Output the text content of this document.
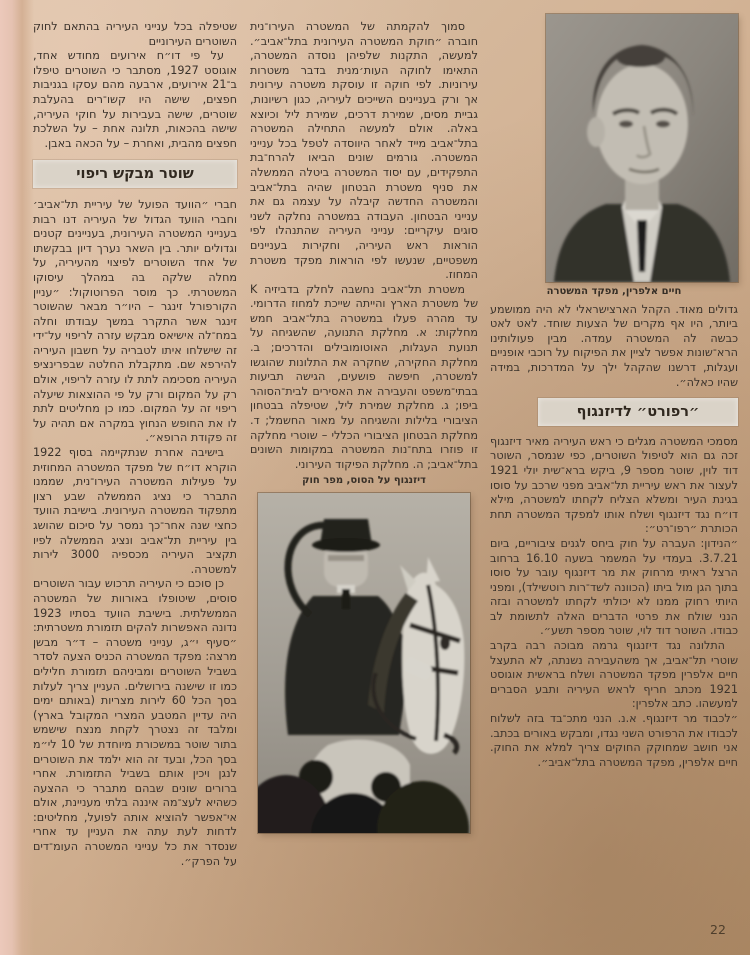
שטיפלה בכל ענייני העיריה בהתאם לחוק השוטרים העירוניים

על פי דו״ח אירועים מחודש אחד, אוגוסט 1927, מסתבר כי השוטרים טיפלו ב־21 אירועים, ארבעה מהם עסקו בגניבות חפצים, שישה היו קשו־רים בהעלבת שוטרים, שישה בעבירות על חוקי העיריה, שישה בהכאות, תלונה אחת – על השלכת חפצים מהבית, ואחרת – על הכאה באבן.

שוטר מבקש ריפוי

חברי ״הוועד הפועל של עיריית תל־אביב׳ וחברי הוועד הגדול של העיריה דנו רבות בענייני המשטרה העירונית, בעניינים קטנים וגדולים יותר. בין השאר נערך דיון בבקשתו של אחד השוטרים לפיצוי מהעיריה, על מחלה שלקה בה במהלך עיסוקו המשטרתי. כך מוסר הפרוטוקול: ״עניין הקורפורל זינגר – היו״ר מבאר שהשוטר זינגר אשר התקרר במשך עבודתו וחלה במח־לה אישיאס מבקש עזרה לריפוי על־ידי זה שישלחו איתו לטבריה על חשבון העיריה להירפא שם. מתקבלת החלטה שבפרינציפ העיריה מסכימה לתת לו עזרה לריפוי, אולם רק על המקום ורק על פי ההוצאות שיעלה ריפוי זה על המקום. כמו כן מחליטים לתת לו את החופש הנחוץ במקרה אם תהיה על זה פקודת הרופא״.

בישיבה אחרת שנתקיימה בסוף 1922 הוקרא דו״ח של מפקד המשטרה המחוזית על פעילות המשטרה העירו־נית, שממנו התברר כי נציג הממשלה שבע רצון מתפקוד המשטרה העירונית. בישיבת הוועד כחצי שנה אחר־כך נמסר על סיכום שהושג בין עיריית תל־אביב ונציג הממשלה לפיו תקציב העיריה מכספיה 3000 לירות למשטרה.

כן סוכם כי העיריה תרכוש עבור השוטרים סוסים, שיטופלו באורוות של המשטרה הממשלתית. בישיבת הוועד בסתיו 1923 נדונה האפשרות להקים תזמורת משטרתית: ״סעיף י״ג, ענייני משטרה – ד״ר מבשן מרצה: מפקד המשטרה הכניס הצעה לסדר בשביל השוטרים ומביניהם תזמורת חלילים כמו זו שישנה בירושלים. העניין צריך לעלות בסך הכל 60 לירות מצריות (באותם ימים היה עדיין המטבע המצרי המקובל בארץ) ומלבד זה נצטרך לקחת מנצח שישמש בתור שוטר במשכורת מיוחדת של 10 לי״מ בסך הכל, ובעד זה הוא ילמד את השוטרים לנגן ויכין אותם בשביל התזמורת. אחרי ברורים שונים שבהם מתברר כי ההצעה כשהיא לעצ־מה איננה בלתי מעניינת, אולם אי־אפשר להוציא אותה לפועל, מחליטים: לדחות לעת עתה את העניין עד אחרי שנסדר את כל ענייני המשטרה העומ־דים על הפרק״.

סמוך להקמתה של המשטרה העירו־נית חוברה ״חוקת המשטרה העירונית בתל־אביב״. למעשה, התקנות שלפיהן נוסדה המשטרה, התאימו לחוקה העות׳מנית בדבר משטרות עירוניות. לפי חוקה זו עוסקת משטרה עירונית אך ורק בעניינים השייכים לעיריה, כגון רשיונות, גביית מסים, שמירת דרכים, שמירת ליל וכיוצא באלה. אולם למעשה התחילה המשטרה בתל־אביב מייד לאחר היווסדה לטפל בכל ענייני המשטרה. גורמים שונים הביאו להרח־בת התפקידים, עם יסוד המשטרה ביטלה הממשלה את סניף משטרת הבטחון שהיה בתל־אביב והמשטרה החדשה קיבלה על עצמה גם את ענייני הבטחון. העבודה במשטרה נחלקה לשני סוגים עיקריים: ענייני העיריה שהתנהלו לפי הוראות ראש העיריה, וחקירות בעניינים משפטיים, שנעשו לפי הוראות מפקד משטרת המחוז.

משטרת תל־אביב נחשבה לחלק בדביזיה K של משטרת הארץ והייתה שייכת למחוז הדרומי. עד מהרה פעלו במשטרה בתל־אביב חמש מחלקות: א. מחלקת התנועה, שהשגיחה על תנועת העגלות, האוטומובילים והדרכים; ב. מחלקת החקירה, שחקרה את התלונות שהוגשו למשטרה, חיפשה פושעים, הגישה תביעות בבתי־משפט והעבירה את האסירים לבית־הסוהר ביפו; ג. מחלקת שמירת ליל, שטיפלה בבטחון הציבורי בלילות והשגיחה על מאור החשמל; ד. מחלקת הבטחון הציבורי הכללי – שוטרי מחלקה זו פוזרו בתח־נות המשטרה במקומות השונים בתל־אביב; ה. מחלקת הפיקוד העירוני.

דיזנגוף על הסוס, מפר חוק
חיים אלפרין, מפקד המשטרה

גדולים מאוד. הקהל הארצישראלי לא היה ממושמע ביותר, היו אף מקרים של הצעות שוחד. לאט לאט כבשה לה המשטרה עמדה. מבין פעולותינו הרא־שונות אפשר לציין את הפיקוח על רוכבי אופניים ועגלות, דרשנו שהקהל ילך על המדרכות, במידה שהיו כאלה״.

״רפורט״ לדיזנגוף

מסמכי המשטרה מגלים כי ראש העיריה מאיר דיזנגוף זכה גם הוא לטיפול השוטרים, כפי שנמסר, השוטר דוד לוין, שוטר מספר 9, ביקש ברא־שית יולי 1921 לעצור את ראש עיריית תל־אביב מפני שרכב על סוסו בגינת העיר ומשלא הצליח לקחתו למשטרה, מילא דו״ח נגד דיזנגוף ושלח אותו למפקד המשטרה תחת הכותרת ״רפו־רט״:

״הנידון: העברה על חוק ביחס לגנים ציבוריים, ביום 3.7.21. בעמדי על המשמר בשעה 16.10 ברחוב הרצל ראיתי מרחוק את מר דיזנגוף עובר על סוסו בתוך הגן מול ביתו (הכוונה לשד־רות רוטשילד), ומפני היותי רחוק ממנו לא יכולתי לקחתו למשטרה ובזה הנני שולח את פרטי הדברים האלה לתשומת לב כבודו. השוטר דוד לוי, שוטר מספר תשע״.

התלונה נגד דיזנגוף גרמה מבוכה רבה בקרב שוטרי תל־אביב, אך משהעבירה נשנתה, לא התעצל חיים אלפרין מפקד המשטרה ושלח בראשית אוגוסט 1921 מכתב חריף לראש העיריה ותבע הסברים למעשהו. כתב אלפרין:

״לכבוד מר דיזנגוף. א.נ. הנני מתכ־בד בזה לשלוח לכבודו את הרפורט השני נגדו, ומבקש באורים בכתב. אני חושב שמחוקק החוקים צריך למלא את החוק. חיים אלפרין, מפקד המשטרה בתל־אביב״.

22
